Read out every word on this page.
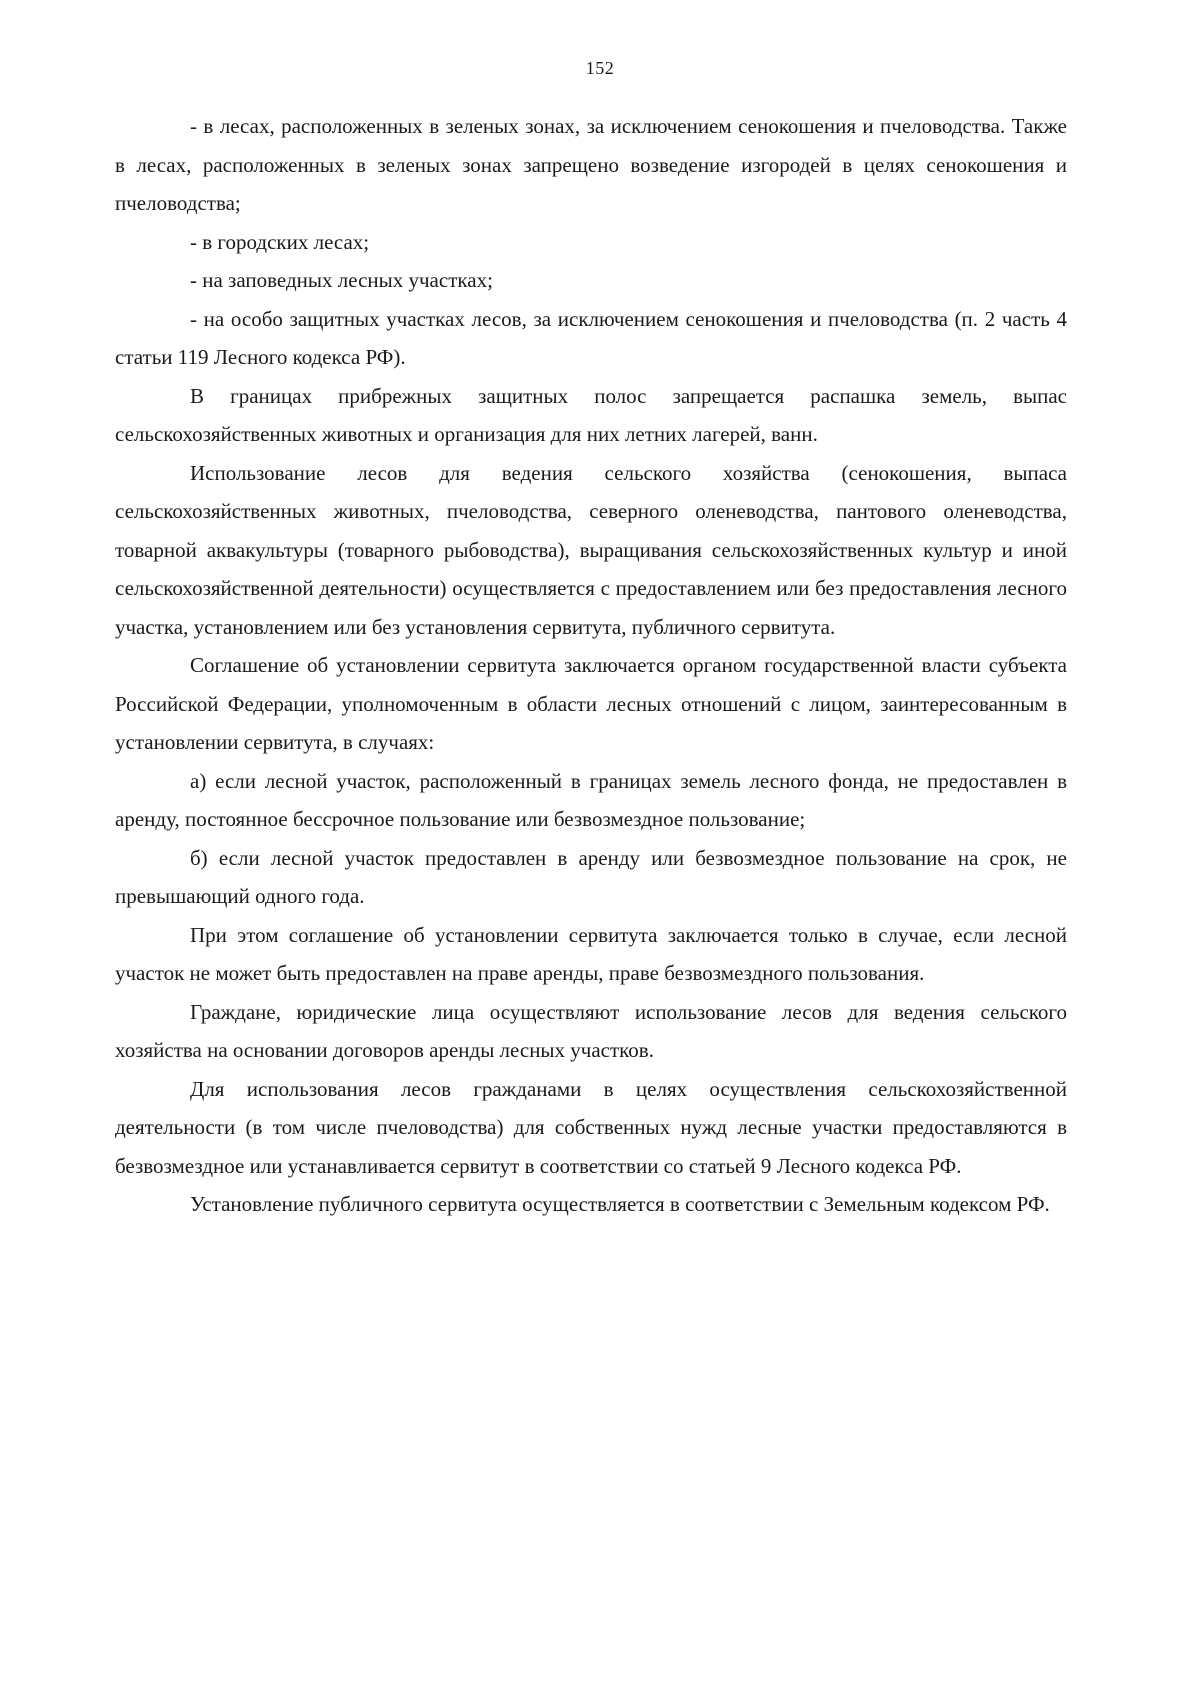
152

- в лесах, расположенных в зеленых зонах, за исключением сенокошения и пчеловодства. Также в лесах, расположенных в зеленых зонах запрещено возведение изгородей в целях сенокошения и пчеловодства;

- в городских лесах;

- на заповедных лесных участках;

- на особо защитных участках лесов, за исключением сенокошения и пчеловодства (п. 2 часть 4 статьи 119 Лесного кодекса РФ).

В границах прибрежных защитных полос запрещается распашка земель, выпас сельскохозяйственных животных и организация для них летних лагерей, ванн.

Использование лесов для ведения сельского хозяйства (сенокошения, выпаса сельскохозяйственных животных, пчеловодства, северного оленеводства, пантового оленеводства, товарной аквакультуры (товарного рыбоводства), выращивания сельскохозяйственных культур и иной сельскохозяйственной деятельности) осуществляется с предоставлением или без предоставления лесного участка, установлением или без установления сервитута, публичного сервитута.

Соглашение об установлении сервитута заключается органом государственной власти субъекта Российской Федерации, уполномоченным в области лесных отношений с лицом, заинтересованным в установлении сервитута, в случаях:

а) если лесной участок, расположенный в границах земель лесного фонда, не предоставлен в аренду, постоянное бессрочное пользование или безвозмездное пользование;

б) если лесной участок предоставлен в аренду или безвозмездное пользование на срок, не превышающий одного года.

При этом соглашение об установлении сервитута заключается только в случае, если лесной участок не может быть предоставлен на праве аренды, праве безвозмездного пользования.

Граждане, юридические лица осуществляют использование лесов для ведения сельского хозяйства на основании договоров аренды лесных участков.

Для использования лесов гражданами в целях осуществления сельскохозяйственной деятельности (в том числе пчеловодства) для собственных нужд лесные участки предоставляются в безвозмездное или устанавливается сервитут в соответствии со статьей 9 Лесного кодекса РФ.

Установление публичного сервитута осуществляется в соответствии с Земельным кодексом РФ.
